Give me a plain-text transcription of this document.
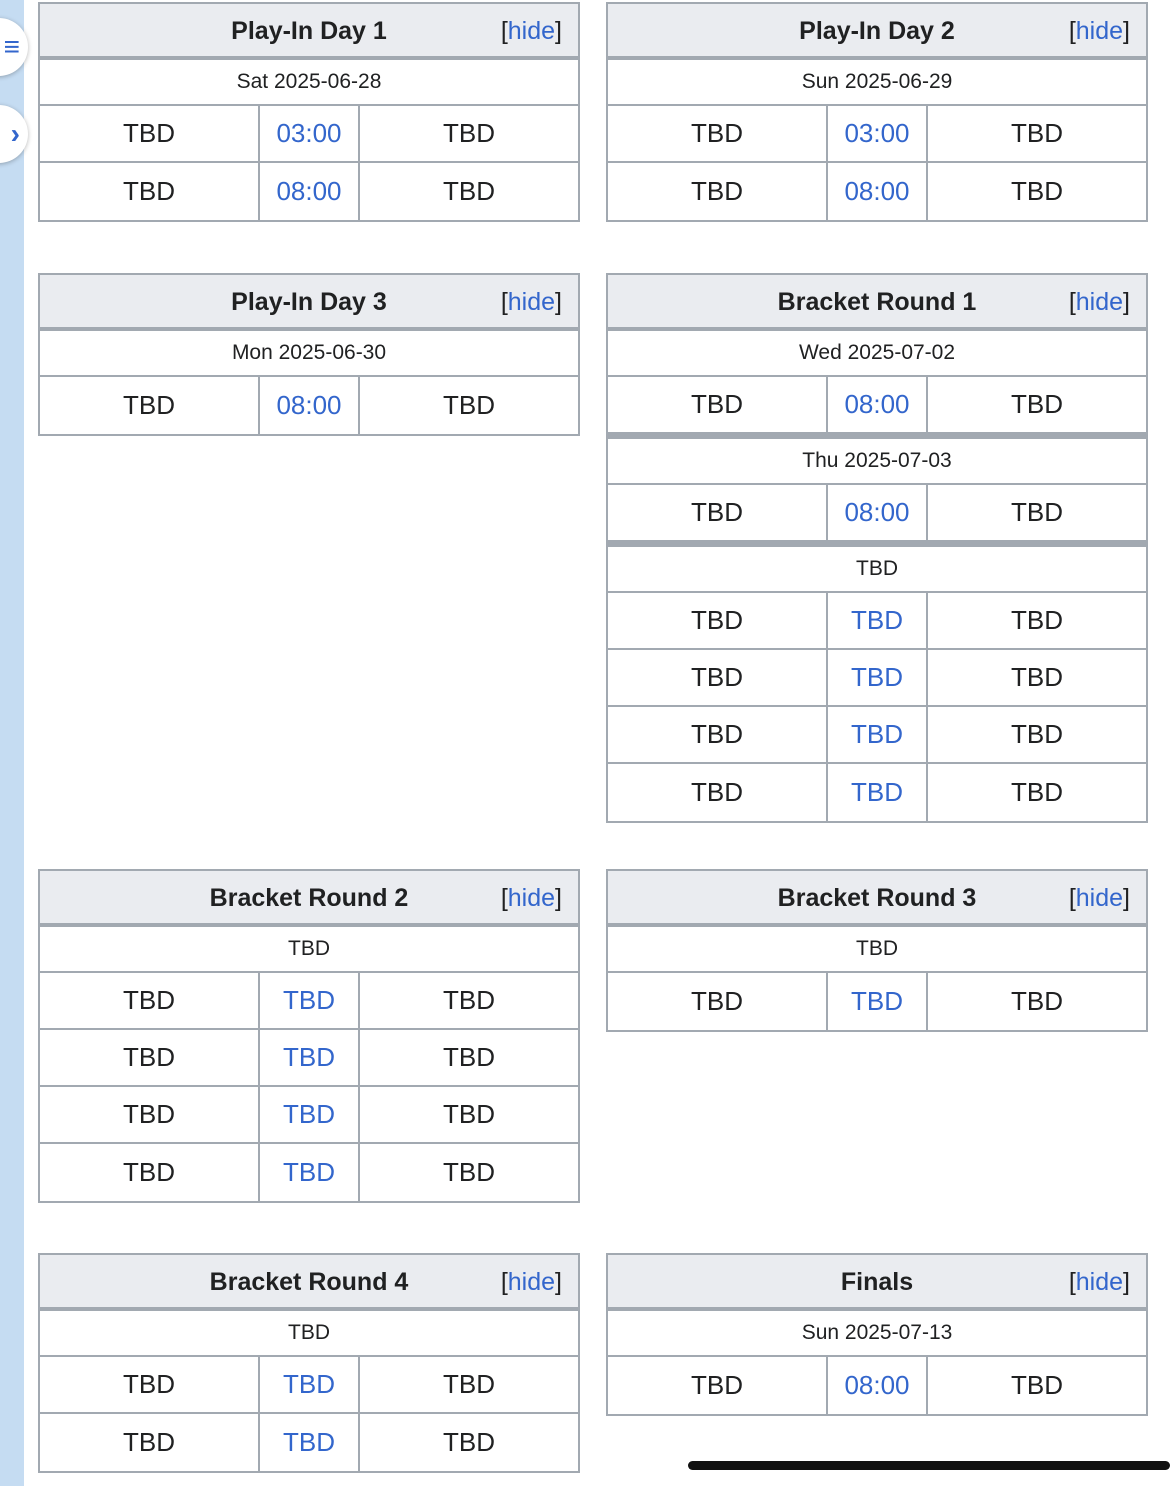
≡
›
Play-In Day 1	[hide]
Sat 2025-06-28
TBD	03:00	TBD
TBD	08:00	TBD
Play-In Day 2	[hide]
Sun 2025-06-29
TBD	03:00	TBD
TBD	08:00	TBD
Play-In Day 3	[hide]
Mon 2025-06-30
TBD	08:00	TBD
Bracket Round 1	[hide]
Wed 2025-07-02
TBD	08:00	TBD
Thu 2025-07-03
TBD	08:00	TBD
TBD
TBD	TBD	TBD
TBD	TBD	TBD
TBD	TBD	TBD
TBD	TBD	TBD
Bracket Round 2	[hide]
TBD
TBD	TBD	TBD
TBD	TBD	TBD
TBD	TBD	TBD
TBD	TBD	TBD
Bracket Round 3	[hide]
TBD
TBD	TBD	TBD
Bracket Round 4	[hide]
TBD
TBD	TBD	TBD
TBD	TBD	TBD
Finals	[hide]
Sun 2025-07-13
TBD	08:00	TBD
